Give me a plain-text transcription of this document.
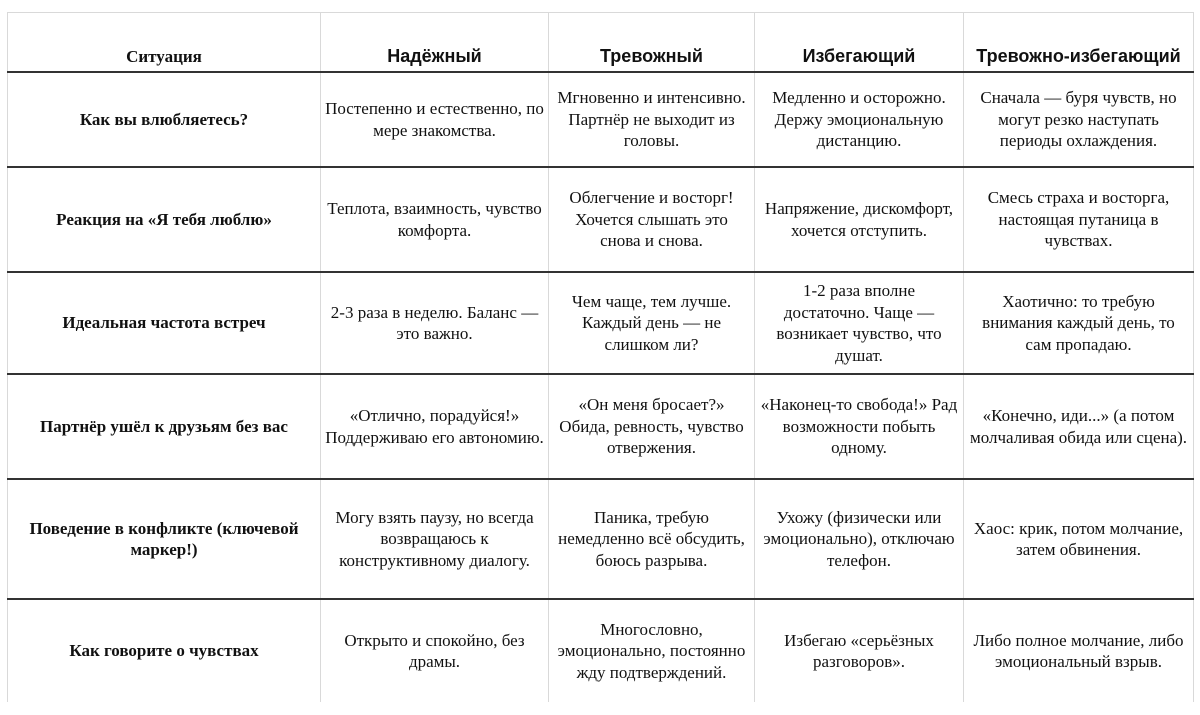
Ситуация	Надёжный	Тревожный	Избегающий	Тревожно-избегающий
Как вы влюбляетесь?	Постепенно и естественно, по мере знакомства.	Мгновенно и интенсивно. Партнёр не выходит из головы.	Медленно и осторожно. Держу эмоциональную дистанцию.	Сначала — буря чувств, но могут резко наступать периоды охлаждения.
Реакция на «Я тебя люблю»	Теплота, взаимность, чувство комфорта.	Облегчение и восторг! Хочется слышать это снова и снова.	Напряжение, дискомфорт, хочется отступить.	Смесь страха и восторга, настоящая путаница в чувствах.
Идеальная частота встреч	2-3 раза в неделю. Баланс — это важно.	Чем чаще, тем лучше. Каждый день — не слишком ли?	1-2 раза вполне достаточно. Чаще — возникает чувство, что душат.	Хаотично: то требую внимания каждый день, то сам пропадаю.
Партнёр ушёл к друзьям без вас	«Отлично, порадуйся!» Поддерживаю его автономию.	«Он меня бросает?» Обида, ревность, чувство отвержения.	«Наконец-то свобода!» Рад возможности побыть одному.	«Конечно, иди...» (а потом молчаливая обида или сцена).
Поведение в конфликте (ключевой маркер!)	Могу взять паузу, но всегда возвращаюсь к конструктивному диалогу.	Паника, требую немедленно всё обсудить, боюсь разрыва.	Ухожу (физически или эмоционально), отключаю телефон.	Хаос: крик, потом молчание, затем обвинения.
Как говорите о чувствах	Открыто и спокойно, без драмы.	Многословно, эмоционально, постоянно жду подтверждений.	Избегаю «серьёзных разговоров».	Либо полное молчание, либо эмоциональный взрыв.
